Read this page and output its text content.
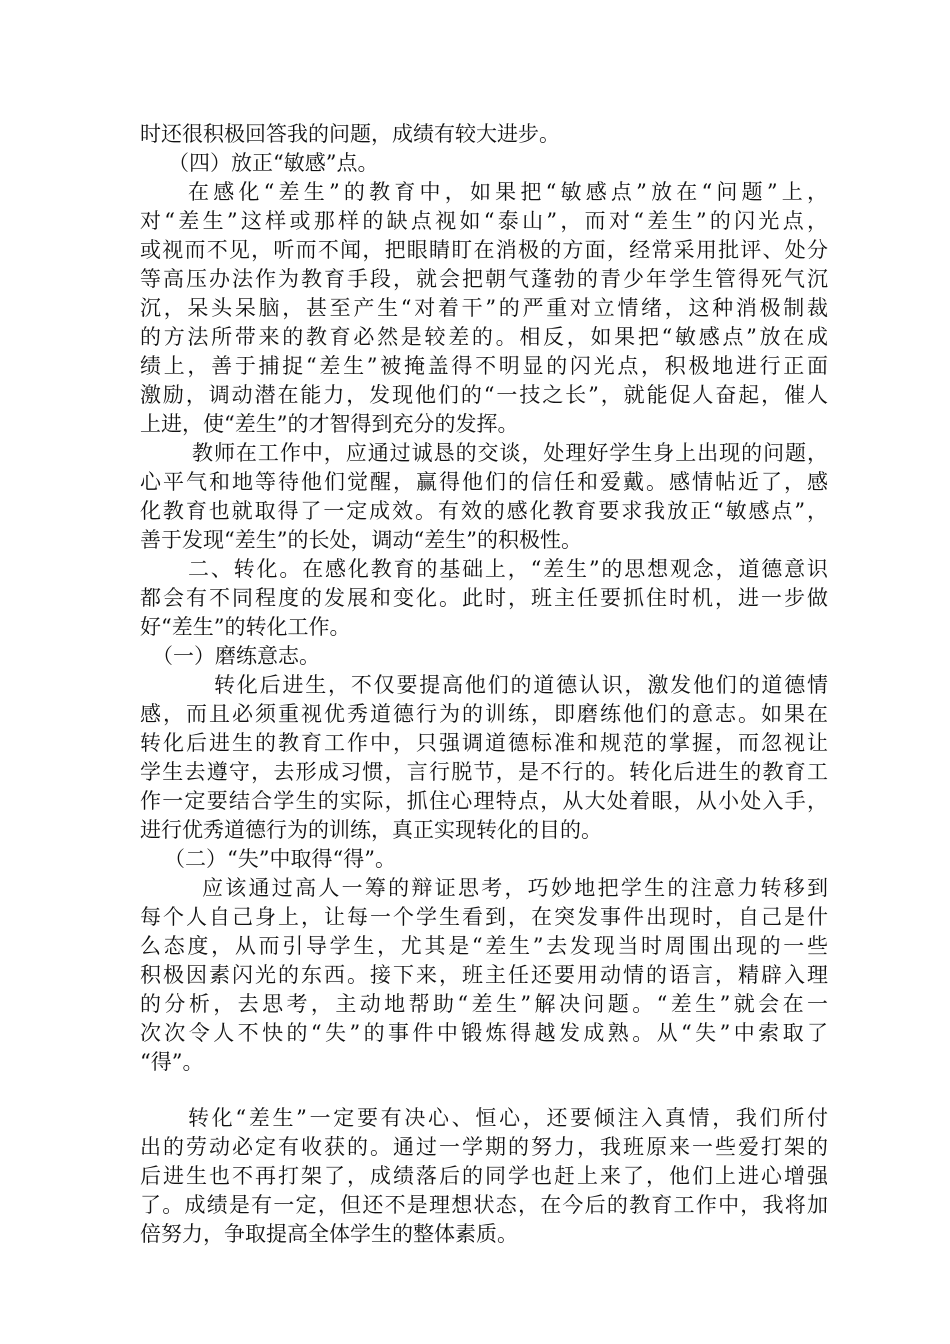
时还很积极回答我的问题，成绩有较大进步。
（四）放正“敏感”点。
在感化“差生”的教育中，如果把“敏感点”放在“问题”上，
对“差生”这样或那样的缺点视如“泰山”，而对“差生”的闪光点，
或视而不见，听而不闻，把眼睛盯在消极的方面，经常采用批评、处分
等高压办法作为教育手段，就会把朝气蓬勃的青少年学生管得死气沉
沉，呆头呆脑，甚至产生“对着干”的严重对立情绪，这种消极制裁
的方法所带来的教育必然是较差的。相反，如果把“敏感点”放在成
绩上，善于捕捉“差生”被掩盖得不明显的闪光点，积极地进行正面
激励，调动潜在能力，发现他们的“一技之长”，就能促人奋起，催人
上进，使“差生”的才智得到充分的发挥。
教师在工作中，应通过诚恳的交谈，处理好学生身上出现的问题，
心平气和地等待他们觉醒，赢得他们的信任和爱戴。感情帖近了，感
化教育也就取得了一定成效。有效的感化教育要求我放正“敏感点”，
善于发现“差生”的长处，调动“差生”的积极性。
二、转化。在感化教育的基础上，“差生”的思想观念，道德意识
都会有不同程度的发展和变化。此时，班主任要抓住时机，进一步做
好“差生”的转化工作。
（一）磨练意志。
转化后进生，不仅要提高他们的道德认识，激发他们的道德情
感，而且必须重视优秀道德行为的训练，即磨练他们的意志。如果在
转化后进生的教育工作中，只强调道德标准和规范的掌握，而忽视让
学生去遵守，去形成习惯，言行脱节，是不行的。转化后进生的教育工
作一定要结合学生的实际，抓住心理特点，从大处着眼，从小处入手，
进行优秀道德行为的训练，真正实现转化的目的。
（二）“失”中取得“得”。
应该通过高人一筹的辩证思考，巧妙地把学生的注意力转移到
每个人自己身上，让每一个学生看到，在突发事件出现时，自己是什
么态度，从而引导学生，尤其是“差生”去发现当时周围出现的一些
积极因素闪光的东西。接下来，班主任还要用动情的语言，精辟入理
的分析，去思考，主动地帮助“差生”解决问题。“差生”就会在一
次次令人不快的“失”的事件中锻炼得越发成熟。从“失”中索取了
“得”。
转化“差生”一定要有决心、恒心，还要倾注入真情，我们所付
出的劳动必定有收获的。通过一学期的努力，我班原来一些爱打架的
后进生也不再打架了，成绩落后的同学也赶上来了，他们上进心增强
了。成绩是有一定，但还不是理想状态，在今后的教育工作中，我将加
倍努力，争取提高全体学生的整体素质。
